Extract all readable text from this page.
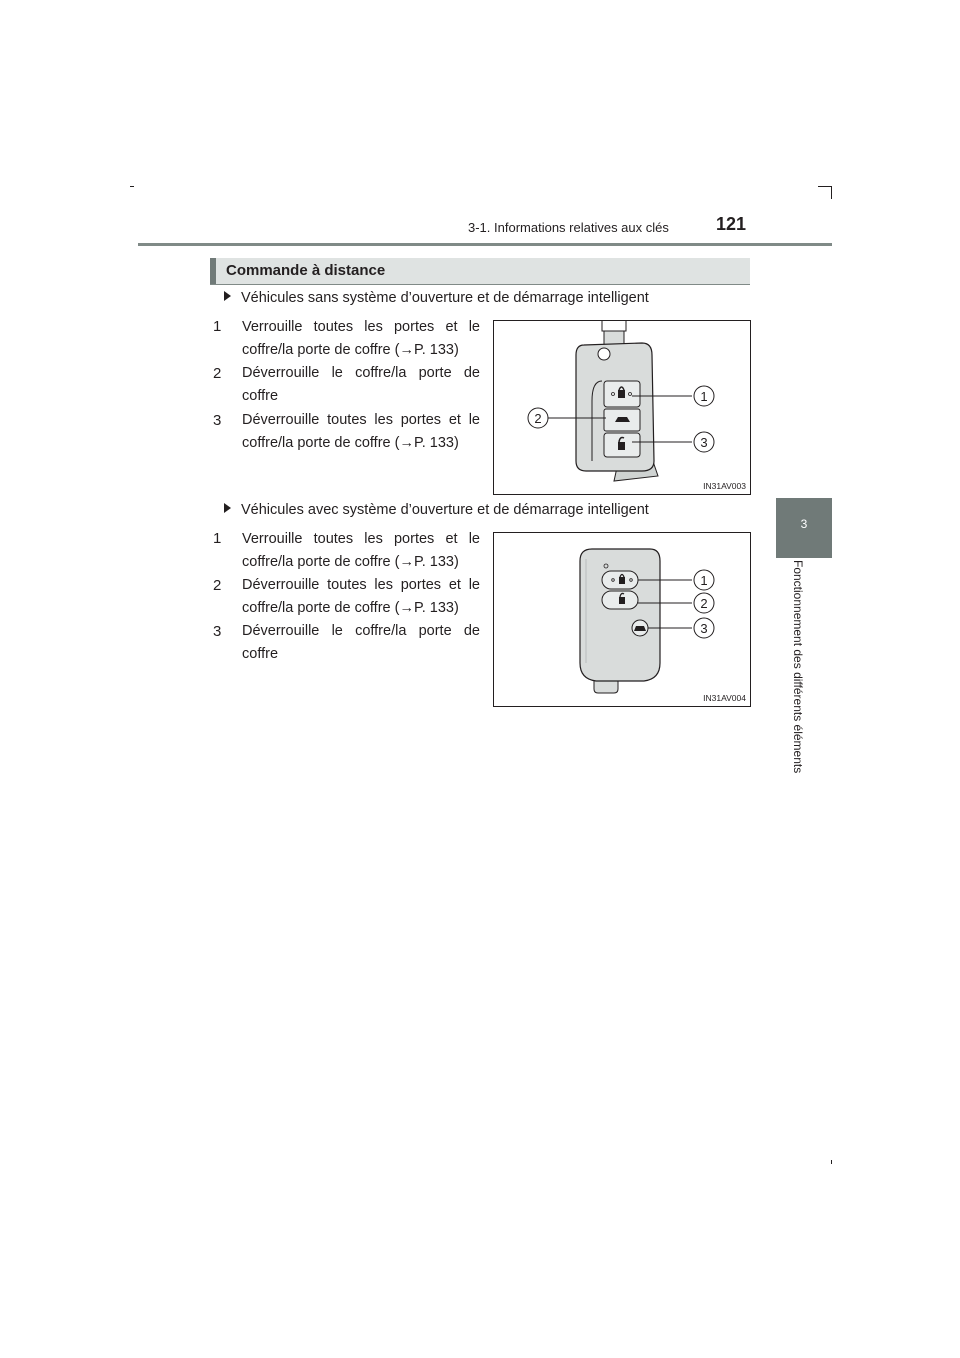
3-1. Informations relatives aux clés	121
3
Fonctionnement des différents éléments
Commande à distance
Véhicules sans système d’ouverture et de démarrage intelligent
1 Verrouille toutes les portes et le coffre/la porte de coffre (→P. 133)
2 Déverrouille le coffre/la porte de coffre
3 Déverrouille toutes les portes et le coffre/la porte de coffre (→P. 133)
1
2
3
IN31AV003
Véhicules avec système d’ouverture et de démarrage intelligent
1 Verrouille toutes les portes et le coffre/la porte de coffre (→P. 133)
2 Déverrouille toutes les portes et le coffre/la porte de coffre (→P. 133)
3 Déverrouille le coffre/la porte de coffre
1
2
3
IN31AV004
